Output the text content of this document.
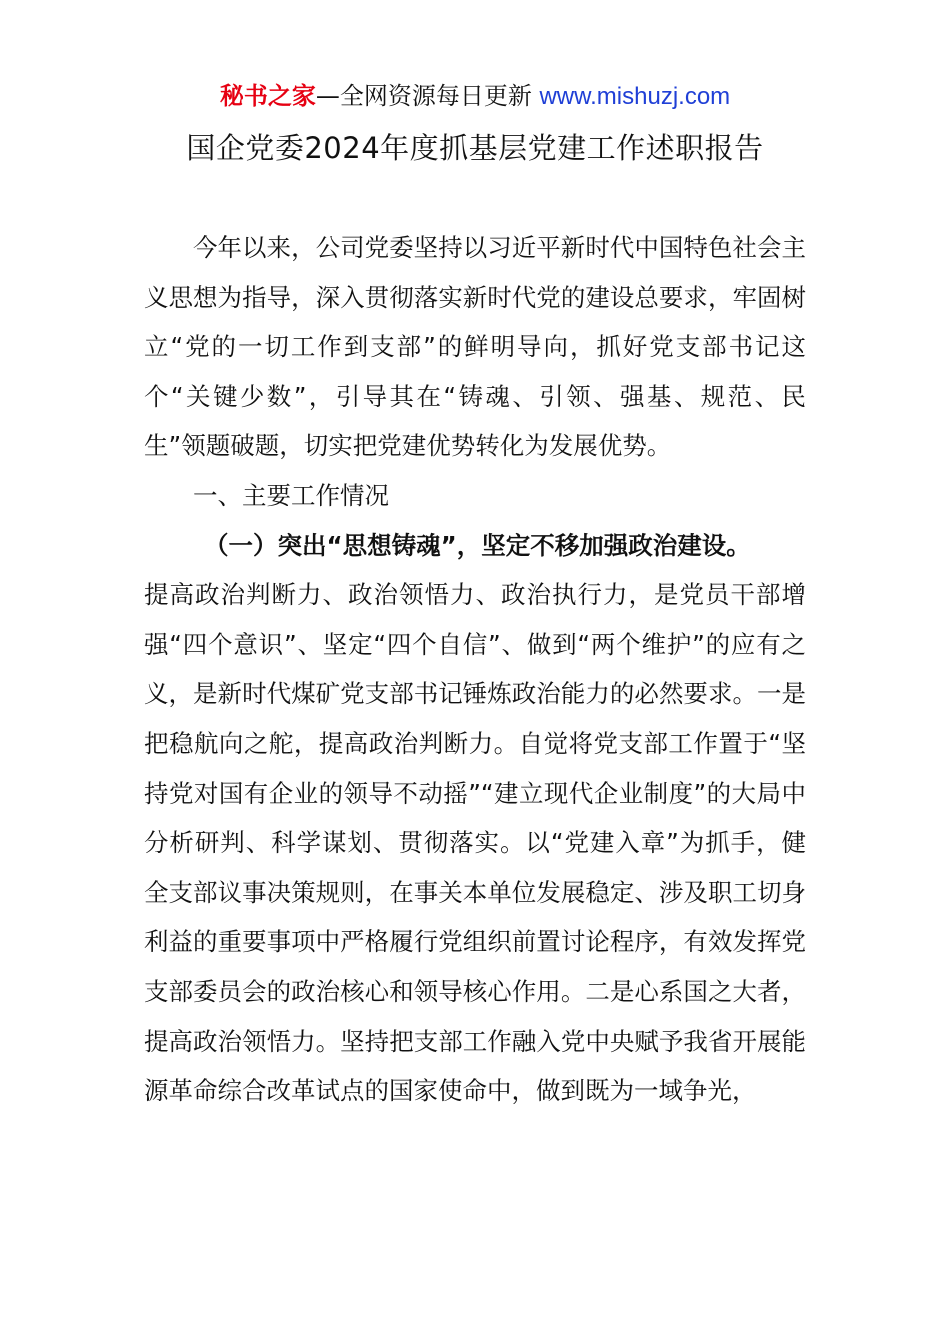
秘书之家—全网资源每日更新 www.mishuzj.com
国企党委2024年度抓基层党建工作述职报告

今年以来，公司党委坚持以习近平新时代中国特色社会主义思想为指导，深入贯彻落实新时代党的建设总要求，牢固树立“党的一切工作到支部”的鲜明导向，抓好党支部书记这个“关键少数”，引导其在“铸魂、引领、强基、规范、民生”领题破题，切实把党建优势转化为发展优势。

一、主要工作情况

（一）突出“思想铸魂”，坚定不移加强政治建设。

提高政治判断力、政治领悟力、政治执行力，是党员干部增强“四个意识”、坚定“四个自信”、做到“两个维护”的应有之义，是新时代煤矿党支部书记锤炼政治能力的必然要求。一是把稳航向之舵，提高政治判断力。自觉将党支部工作置于“坚持党对国有企业的领导不动摇”“建立现代企业制度”的大局中分析研判、科学谋划、贯彻落实。以“党建入章”为抓手，健全支部议事决策规则，在事关本单位发展稳定、涉及职工切身利益的重要事项中严格履行党组织前置讨论程序，有效发挥党支部委员会的政治核心和领导核心作用。二是心系国之大者，提高政治领悟力。坚持把支部工作融入党中央赋予我省开展能源革命综合改革试点的国家使命中，做到既为一域争光，
